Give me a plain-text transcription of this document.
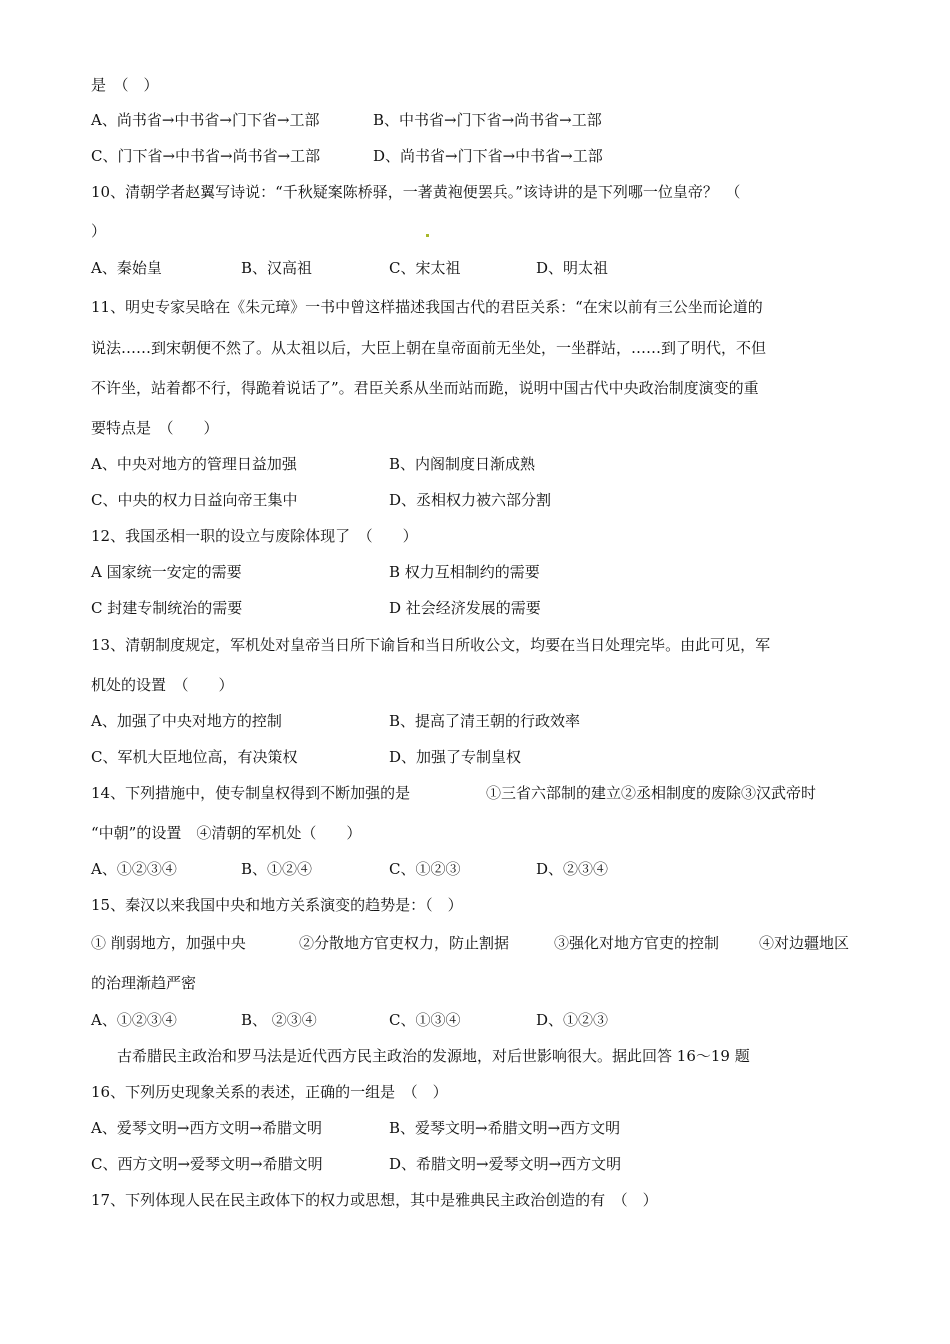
是　（　）
A、尚书省→中书省→门下省→工部	B、中书省→门下省→尚书省→工部
C、门下省→中书省→尚书省→工部	D、尚书省→门下省→中书省→工部
10、清朝学者赵翼写诗说：“千秋疑案陈桥驿，一著黄袍便罢兵。”该诗讲的是下列哪一位皇帝？　（
）
A、秦始皇	B、汉高祖	C、宋太祖	D、明太祖
11、明史专家吴晗在《朱元璋》一书中曾这样描述我国古代的君臣关系：“在宋以前有三公坐而论道的
说法……到宋朝便不然了。从太祖以后，大臣上朝在皇帝面前无坐处，一坐群站，……到了明代，不但
不许坐，站着都不行，得跪着说话了”。君臣关系从坐而站而跪，说明中国古代中央政治制度演变的重
要特点是　（　　）
A、中央对地方的管理日益加强	B、内阁制度日渐成熟
C、中央的权力日益向帝王集中	D、丞相权力被六部分割
12、我国丞相一职的设立与废除体现了　（　　）
A 国家统一安定的需要	B 权力互相制约的需要
C 封建专制统治的需要	D 社会经济发展的需要
13、清朝制度规定，军机处对皇帝当日所下谕旨和当日所收公文，均要在当日处理完毕。由此可见，军
机处的设置　（　　）
A、加强了中央对地方的控制	B、提高了清王朝的行政效率
C、军机大臣地位高，有决策权	D、加强了专制皇权
14、下列措施中，使专制皇权得到不断加强的是	①三省六部制的建立②丞相制度的废除③汉武帝时
“中朝”的设置　④清朝的军机处（　　）
A、①②③④	B、①②④	C、①②③	D、②③④
15、秦汉以来我国中央和地方关系演变的趋势是：（　）
① 削弱地方，加强中央	②分散地方官吏权力，防止割据	③强化对地方官吏的控制	④对边疆地区
的治理渐趋严密
A、①②③④	B、 ②③④	C、①③④	D、①②③
古希腊民主政治和罗马法是近代西方民主政治的发源地，对后世影响很大。据此回答 16～19 题
16、下列历史现象关系的表述，正确的一组是　（　）
A、爱琴文明→西方文明→希腊文明	B、爱琴文明→希腊文明→西方文明
C、西方文明→爱琴文明→希腊文明	D、希腊文明→爱琴文明→西方文明
17、下列体现人民在民主政体下的权力或思想，其中是雅典民主政治创造的有　（　）
